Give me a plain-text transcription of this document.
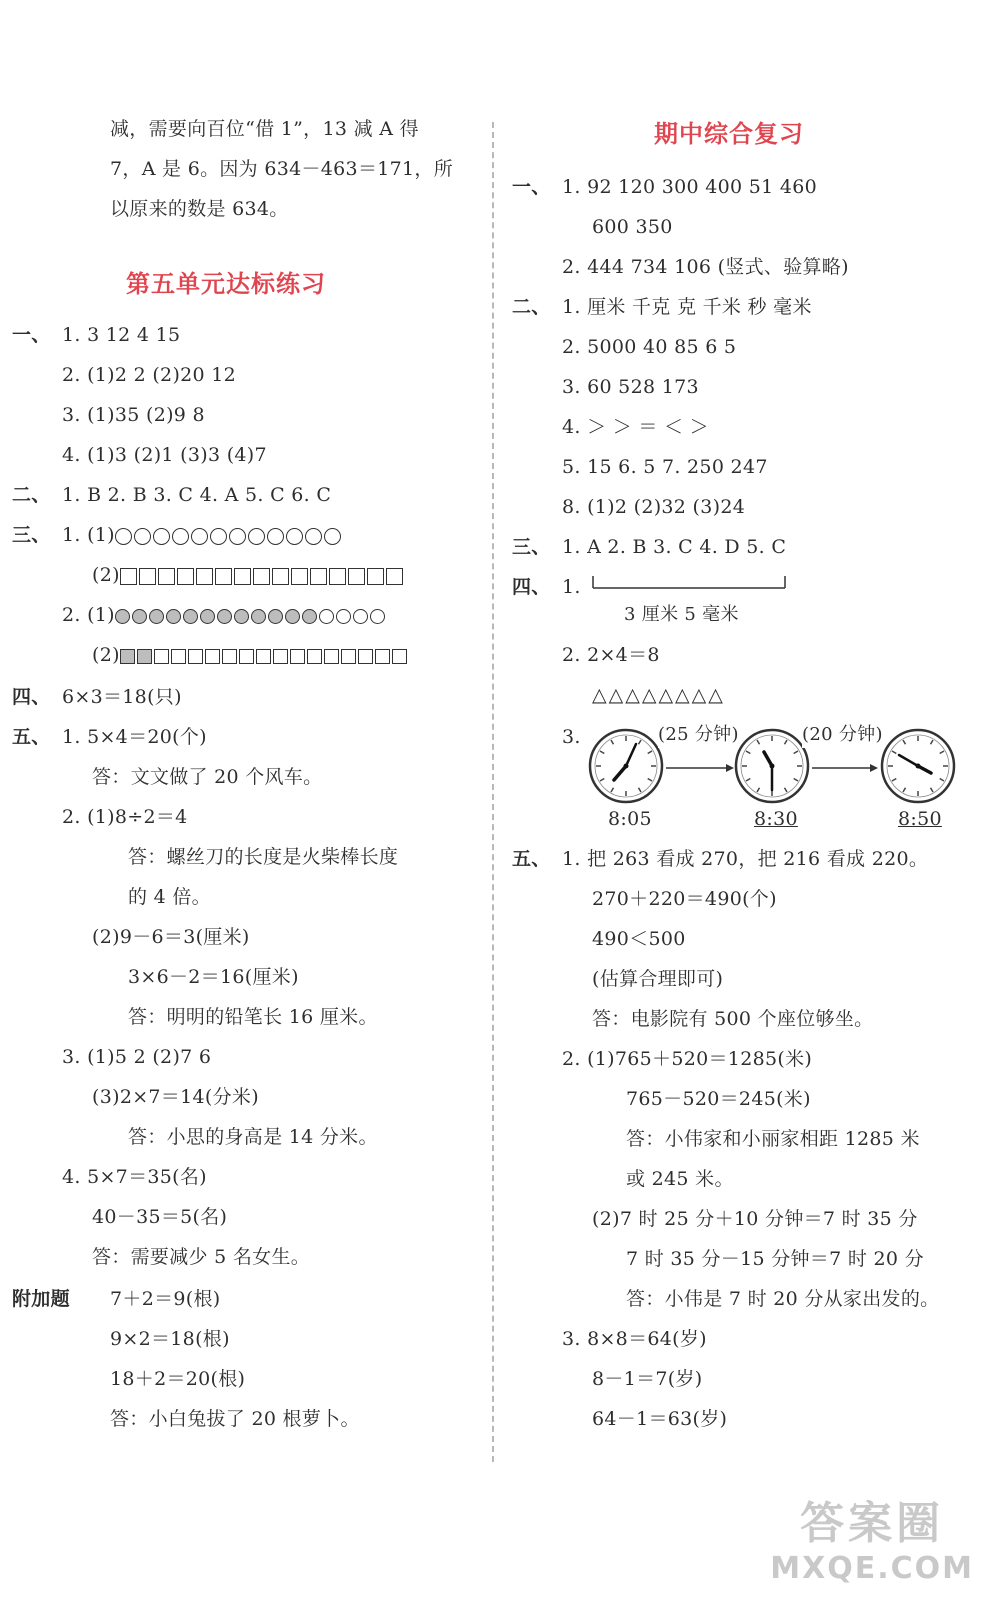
减，需要向百位“借 1”，13 减 A 得
7，A 是 6。因为 634－463＝171，所
以原来的数是 634。
第五单元达标练习
一、 1. 3 12 4 15
2. (1)2 2 (2)20 12
3. (1)35 (2)9 8
4. (1)3 (2)1 (3)3 (4)7
二、 1. B 2. B 3. C 4. A 5. C 6. C
三、 1. (1)
(2)
2. (1)
(2)
四、 6×3＝18(只)
五、 1. 5×4＝20(个)
答：文文做了 20 个风车。
2. (1)8÷2＝4
答：螺丝刀的长度是火柴棒长度
的 4 倍。
(2)9－6＝3(厘米)
3×6－2＝16(厘米)
答：明明的铅笔长 16 厘米。
3. (1)5 2 (2)7 6
(3)2×7＝14(分米)
答：小思的身高是 14 分米。
4. 5×7＝35(名)
40－35＝5(名)
答：需要减少 5 名女生。
附加题 7＋2＝9(根)
9×2＝18(根)
18＋2＝20(根)
答：小白兔拔了 20 根萝卜。
期中综合复习
一、 1. 92 120 300 400 51 460
600 350
2. 444 734 106 (竖式、验算略)
二、 1. 厘米 千克 克 千米 秒 毫米
2. 5000 40 85 6 5
3. 60 528 173
4. ＞ ＞ ＝ ＜ ＞
5. 15 6. 5 7. 250 247
8. (1)2 (2)32 (3)24
三、 1. A 2. B 3. C 4. D 5. C
四、 1.
3 厘米 5 毫米
2. 2×4＝8
△△△△△△△△
3.	(25 分钟)	(20 分钟)
8:05	8:30	8:50
五、 1. 把 263 看成 270，把 216 看成 220。
270＋220＝490(个)
490＜500
(估算合理即可)
答：电影院有 500 个座位够坐。
2. (1)765＋520＝1285(米)
765－520＝245(米)
答：小伟家和小丽家相距 1285 米
或 245 米。
(2)7 时 25 分＋10 分钟＝7 时 35 分
7 时 35 分－15 分钟＝7 时 20 分
答：小伟是 7 时 20 分从家出发的。
3. 8×8＝64(岁)
8－1＝7(岁)
64－1＝63(岁)
答案圈
MXQE.COM
